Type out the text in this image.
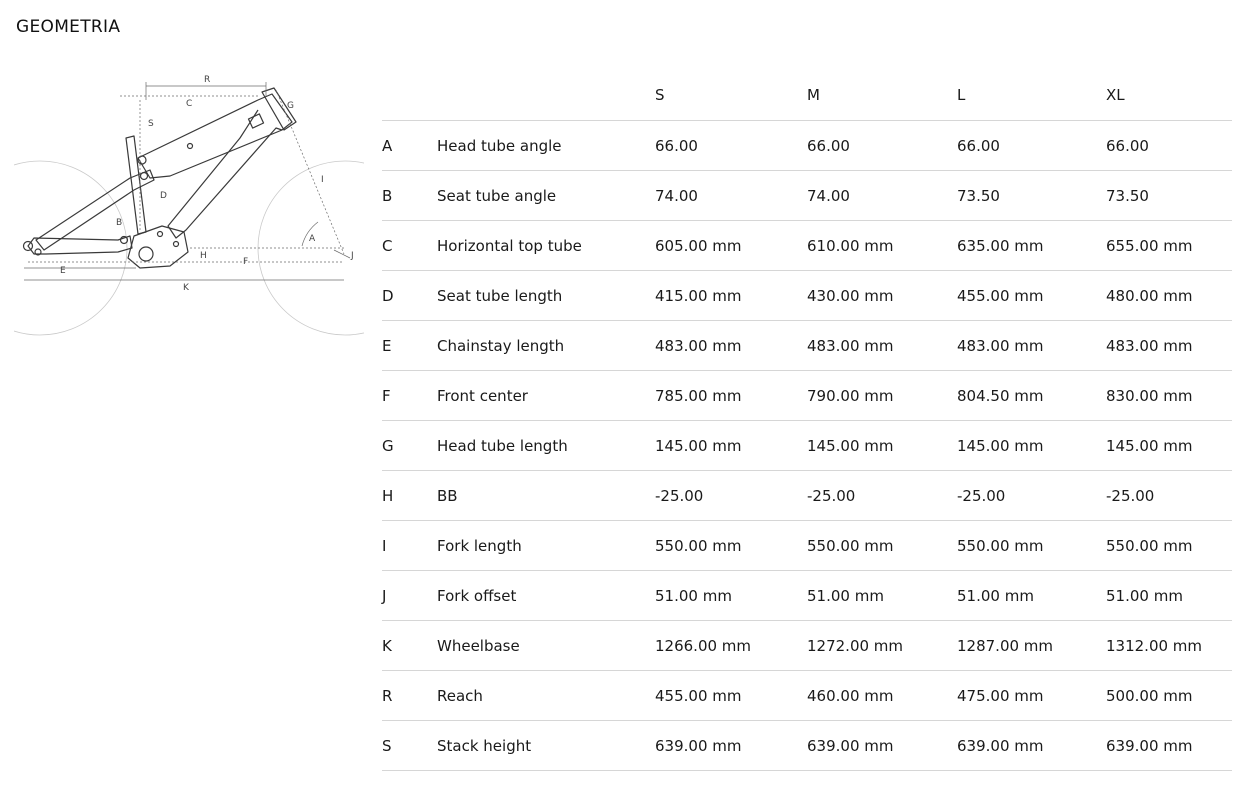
GEOMETRIA
R
C	G
S
I
D
B
A
H
F
J
E
K
		S	M	L	XL
A	Head tube angle	66.00	66.00	66.00	66.00
B	Seat tube angle	74.00	74.00	73.50	73.50
C	Horizontal top tube	605.00 mm	610.00 mm	635.00 mm	655.00 mm
D	Seat tube length	415.00 mm	430.00 mm	455.00 mm	480.00 mm
E	Chainstay length	483.00 mm	483.00 mm	483.00 mm	483.00 mm
F	Front center	785.00 mm	790.00 mm	804.50 mm	830.00 mm
G	Head tube length	145.00 mm	145.00 mm	145.00 mm	145.00 mm
H	BB	-25.00	-25.00	-25.00	-25.00
I	Fork length	550.00 mm	550.00 mm	550.00 mm	550.00 mm
J	Fork offset	51.00 mm	51.00 mm	51.00 mm	51.00 mm
K	Wheelbase	1266.00 mm	1272.00 mm	1287.00 mm	1312.00 mm
R	Reach	455.00 mm	460.00 mm	475.00 mm	500.00 mm
S	Stack height	639.00 mm	639.00 mm	639.00 mm	639.00 mm
